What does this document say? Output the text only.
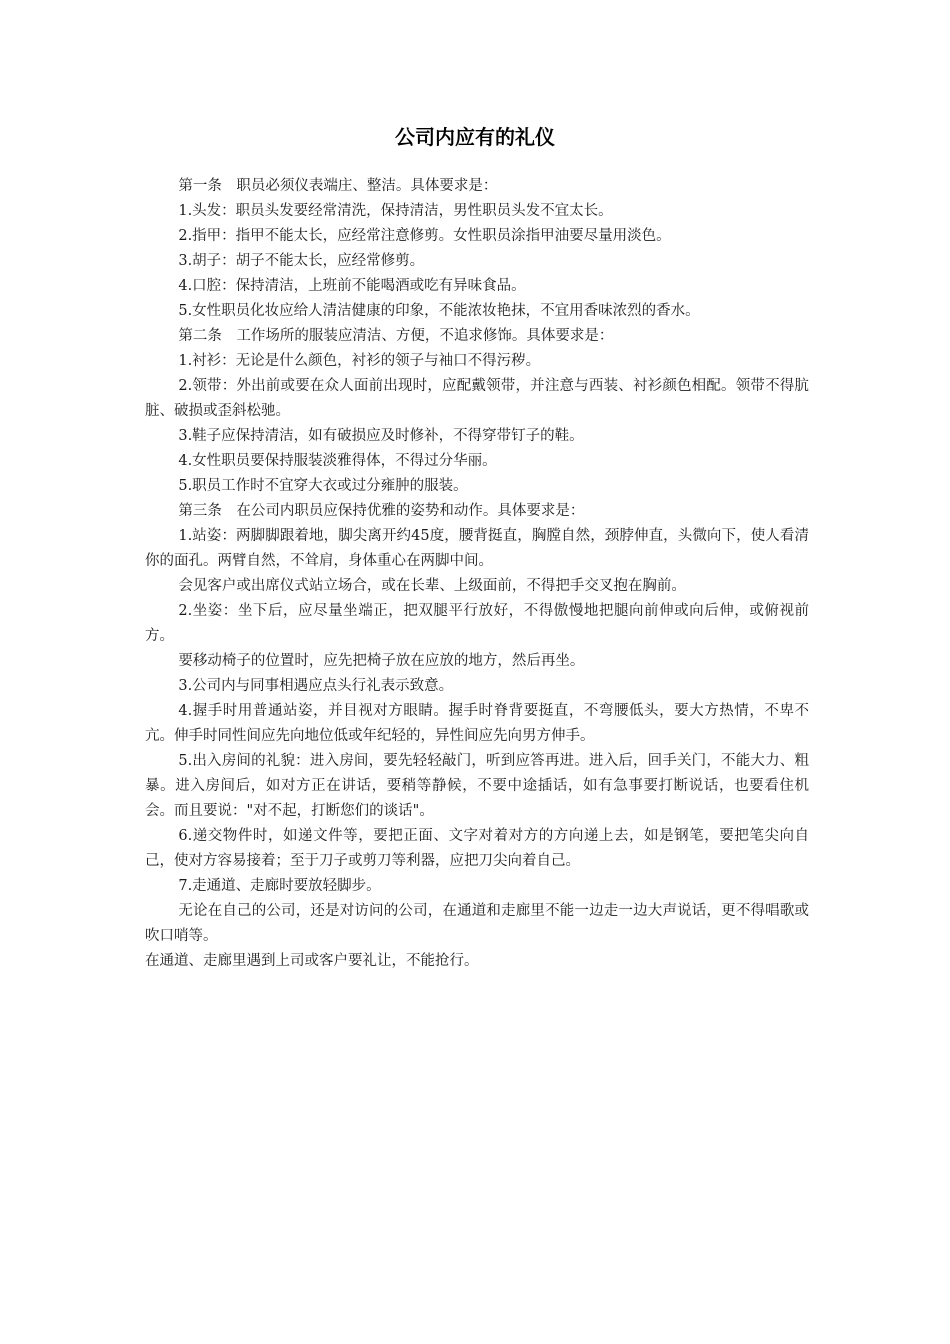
公司内应有的礼仪

第一条　职员必须仪表端庄、整洁。具体要求是：

1.头发：职员头发要经常清洗，保持清洁，男性职员头发不宜太长。

2.指甲：指甲不能太长，应经常注意修剪。女性职员涂指甲油要尽量用淡色。

3.胡子：胡子不能太长，应经常修剪。

4.口腔：保持清洁，上班前不能喝酒或吃有异味食品。

5.女性职员化妆应给人清洁健康的印象，不能浓妆艳抹，不宜用香味浓烈的香水。

第二条　工作场所的服装应清洁、方便，不追求修饰。具体要求是：

1.衬衫：无论是什么颜色，衬衫的领子与袖口不得污秽。

2.领带：外出前或要在众人面前出现时，应配戴领带，并注意与西装、衬衫颜色相配。领带不得肮脏、破损或歪斜松驰。

3.鞋子应保持清洁，如有破损应及时修补，不得穿带钉子的鞋。

4.女性职员要保持服装淡雅得体，不得过分华丽。

5.职员工作时不宜穿大衣或过分雍肿的服装。

第三条　在公司内职员应保持优雅的姿势和动作。具体要求是：

1.站姿：两脚脚跟着地，脚尖离开约45度，腰背挺直，胸膛自然，颈脖伸直，头微向下，使人看清你的面孔。两臂自然，不耸肩，身体重心在两脚中间。

会见客户或出席仪式站立场合，或在长辈、上级面前，不得把手交叉抱在胸前。

2.坐姿：坐下后，应尽量坐端正，把双腿平行放好，不得傲慢地把腿向前伸或向后伸，或俯视前方。

要移动椅子的位置时，应先把椅子放在应放的地方，然后再坐。

3.公司内与同事相遇应点头行礼表示致意。

4.握手时用普通站姿，并目视对方眼睛。握手时脊背要挺直，不弯腰低头，要大方热情，不卑不亢。伸手时同性间应先向地位低或年纪轻的，异性间应先向男方伸手。

5.出入房间的礼貌：进入房间，要先轻轻敲门，听到应答再进。进入后，回手关门，不能大力、粗暴。进入房间后，如对方正在讲话，要稍等静候，不要中途插话，如有急事要打断说话，也要看住机会。而且要说："对不起，打断您们的谈话"。

6.递交物件时，如递文件等，要把正面、文字对着对方的方向递上去，如是钢笔，要把笔尖向自己，使对方容易接着；至于刀子或剪刀等利器，应把刀尖向着自己。

7.走通道、走廊时要放轻脚步。

无论在自己的公司，还是对访问的公司，在通道和走廊里不能一边走一边大声说话，更不得唱歌或吹口哨等。

在通道、走廊里遇到上司或客户要礼让，不能抢行。
